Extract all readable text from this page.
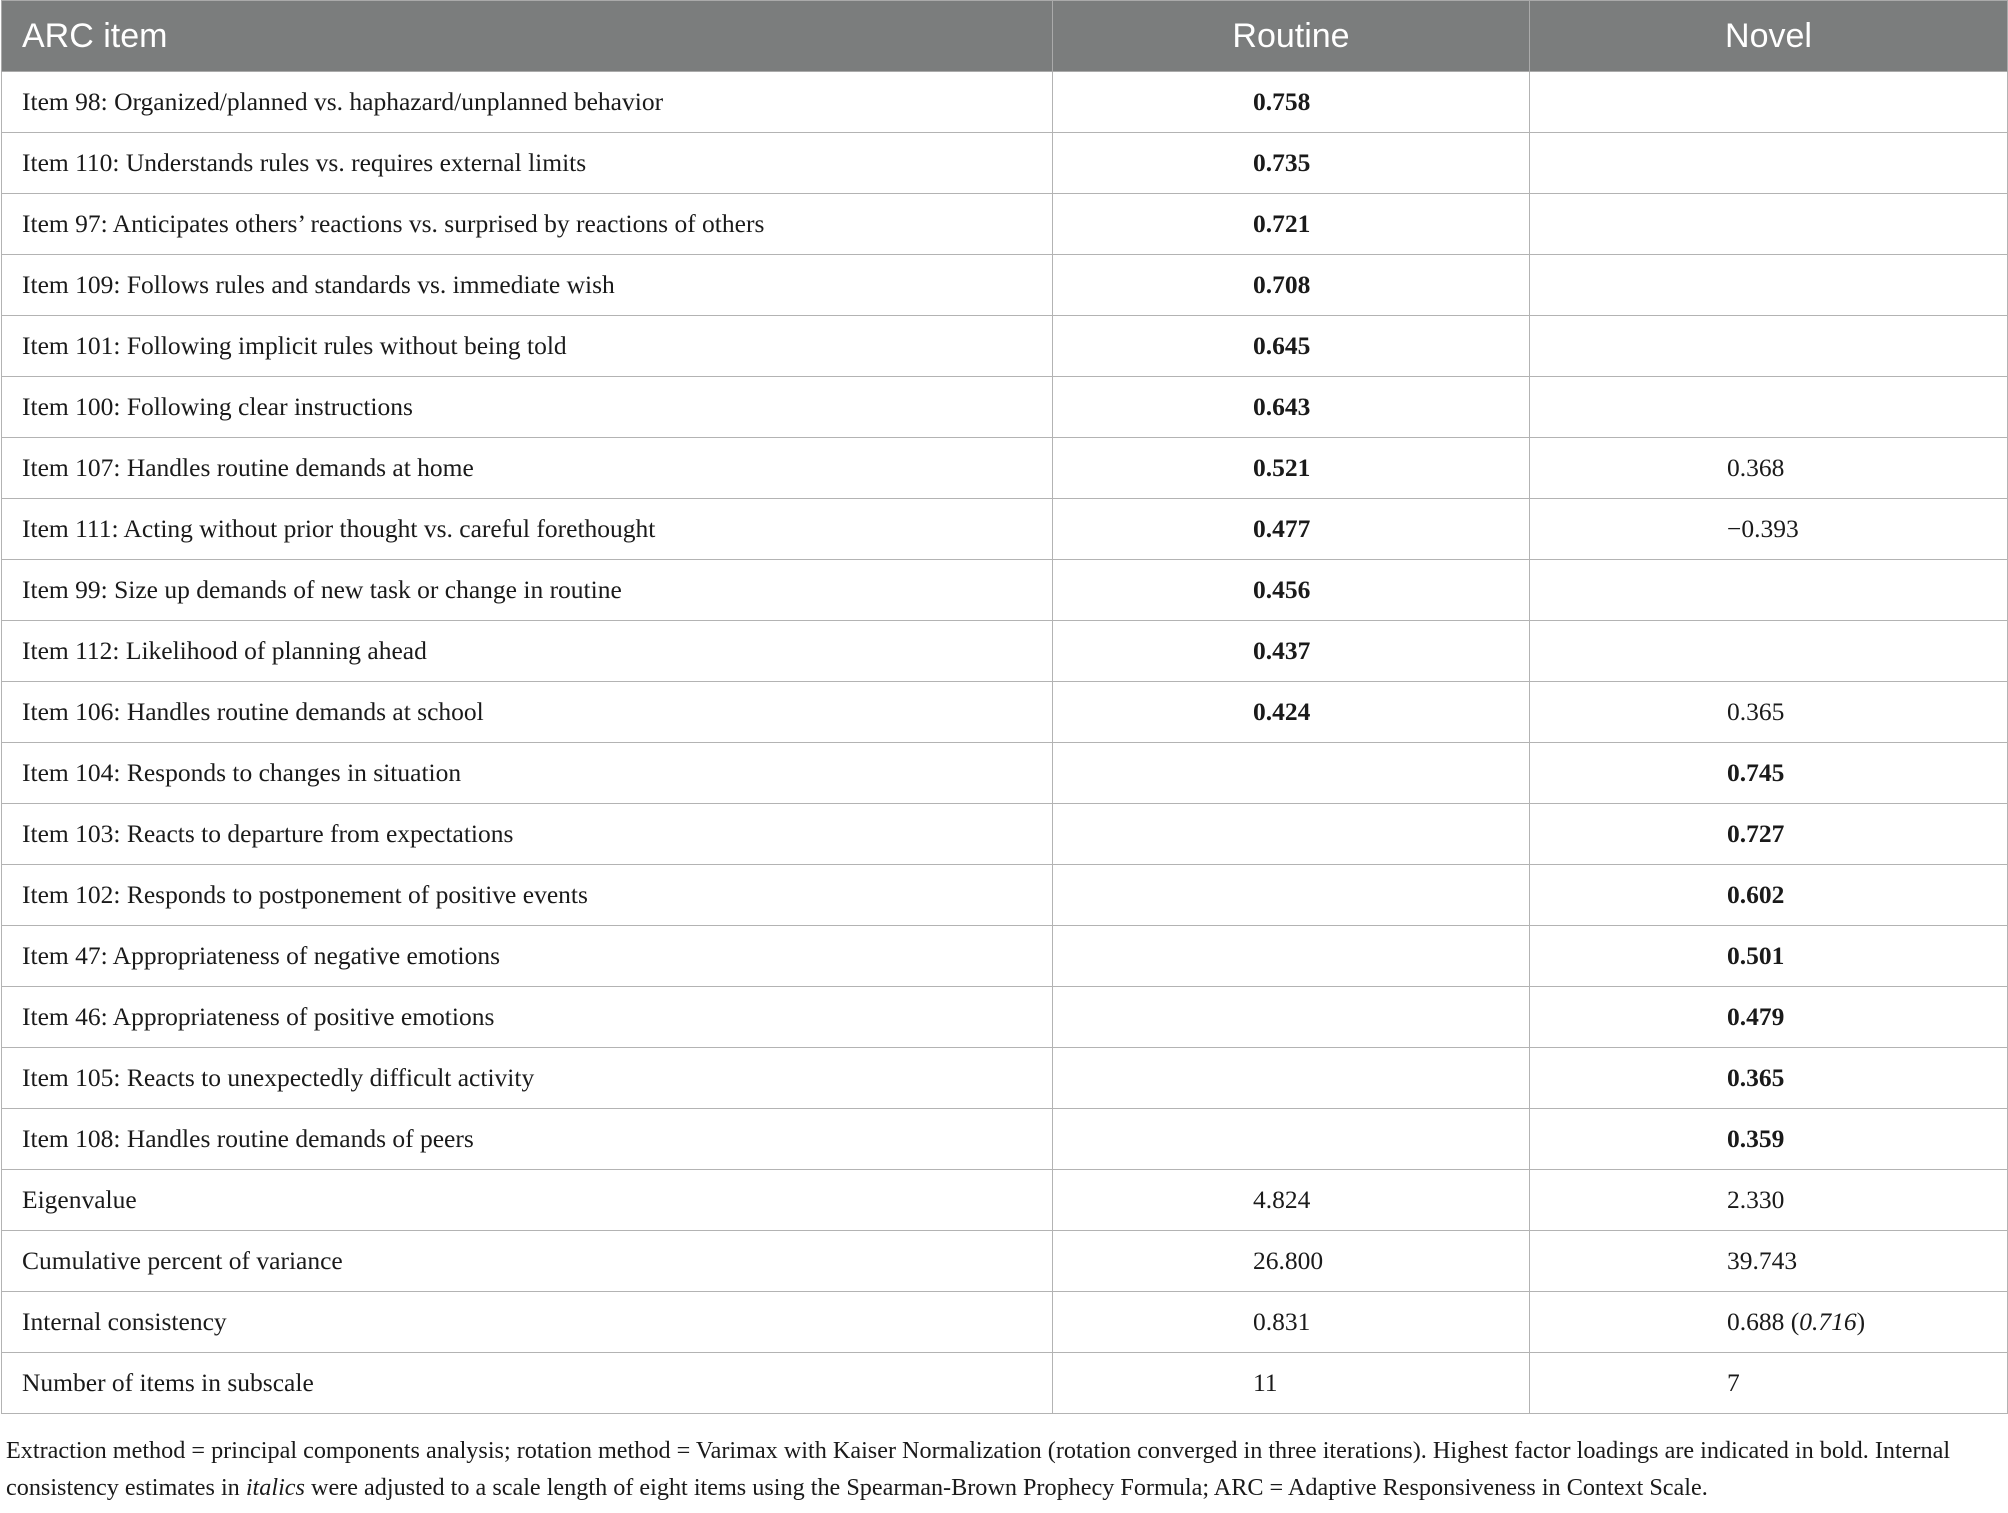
ARC item	Routine	Novel
Item 98: Organized/planned vs. haphazard/unplanned behavior	0.758	
Item 110: Understands rules vs. requires external limits	0.735	
Item 97: Anticipates others’ reactions vs. surprised by reactions of others	0.721	
Item 109: Follows rules and standards vs. immediate wish	0.708	
Item 101: Following implicit rules without being told	0.645	
Item 100: Following clear instructions	0.643	
Item 107: Handles routine demands at home	0.521	0.368
Item 111: Acting without prior thought vs. careful forethought	0.477	−0.393
Item 99: Size up demands of new task or change in routine	0.456	
Item 112: Likelihood of planning ahead	0.437	
Item 106: Handles routine demands at school	0.424	0.365
Item 104: Responds to changes in situation		0.745
Item 103: Reacts to departure from expectations		0.727
Item 102: Responds to postponement of positive events		0.602
Item 47: Appropriateness of negative emotions		0.501
Item 46: Appropriateness of positive emotions		0.479
Item 105: Reacts to unexpectedly difficult activity		0.365
Item 108: Handles routine demands of peers		0.359
Eigenvalue	4.824	2.330
Cumulative percent of variance	26.800	39.743
Internal consistency	0.831	0.688 (0.716)
Number of items in subscale	11	7
Extraction method = principal components analysis; rotation method = Varimax with Kaiser Normalization (rotation converged in three iterations). Highest factor loadings are indicated in bold. Internal consistency estimates in italics were adjusted to a scale length of eight items using the Spearman-Brown Prophecy Formula; ARC = Adaptive Responsiveness in Context Scale.
